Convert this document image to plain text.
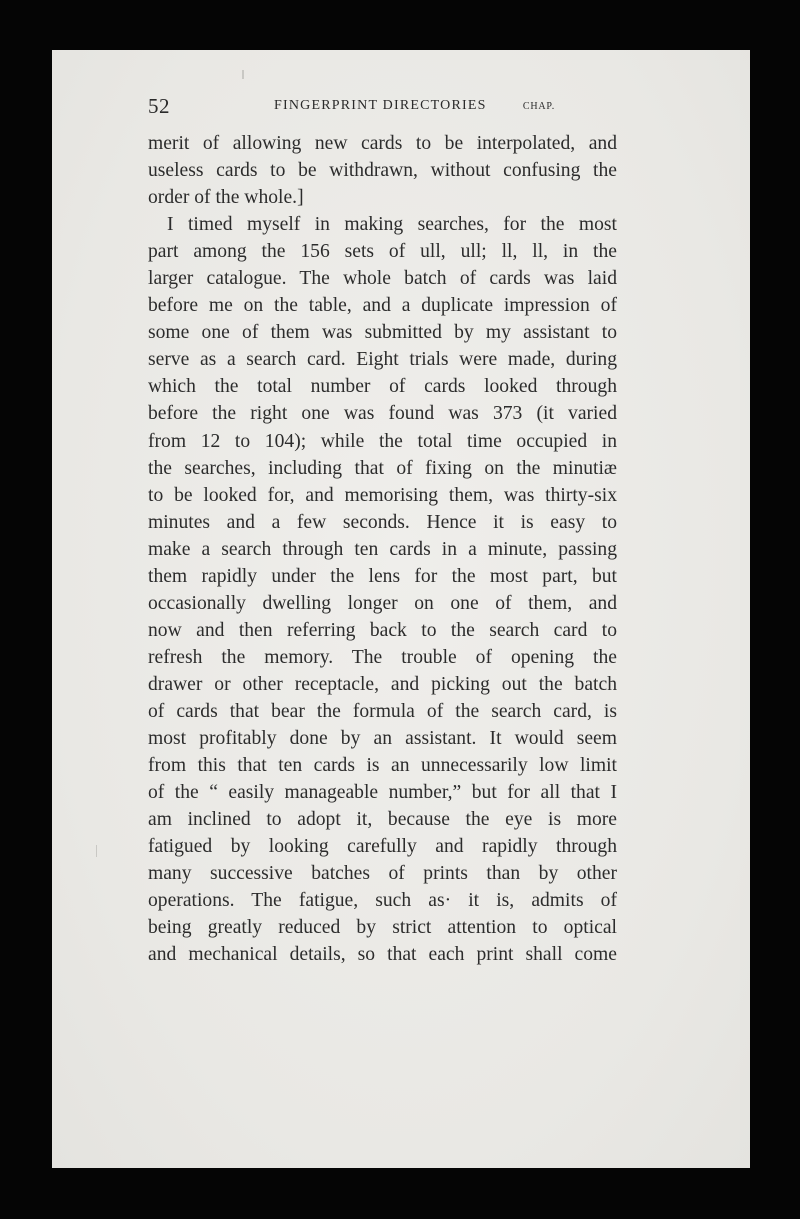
52	FINGERPRINT DIRECTORIES	CHAP.
merit of allowing new cards to be interpolated, and
useless cards to be withdrawn, without confusing the
order of the whole.]
I timed myself in making searches, for the most
part among the 156 sets of ull, ull; ll, ll, in the
larger catalogue. The whole batch of cards was laid
before me on the table, and a duplicate impression of
some one of them was submitted by my assistant to
serve as a search card. Eight trials were made, during
which the total number of cards looked through
before the right one was found was 373 (it varied
from 12 to 104); while the total time occupied in
the searches, including that of fixing on the minutiæ
to be looked for, and memorising them, was thirty-six
minutes and a few seconds. Hence it is easy to
make a search through ten cards in a minute, passing
them rapidly under the lens for the most part, but
occasionally dwelling longer on one of them, and
now and then referring back to the search card to
refresh the memory. The trouble of opening the
drawer or other receptacle, and picking out the batch
of cards that bear the formula of the search card, is
most profitably done by an assistant. It would seem
from this that ten cards is an unnecessarily low limit
of the “ easily manageable number,” but for all that I
am inclined to adopt it, because the eye is more
fatigued by looking carefully and rapidly through
many successive batches of prints than by other
operations. The fatigue, such as· it is, admits of
being greatly reduced by strict attention to optical
and mechanical details, so that each print shall come
